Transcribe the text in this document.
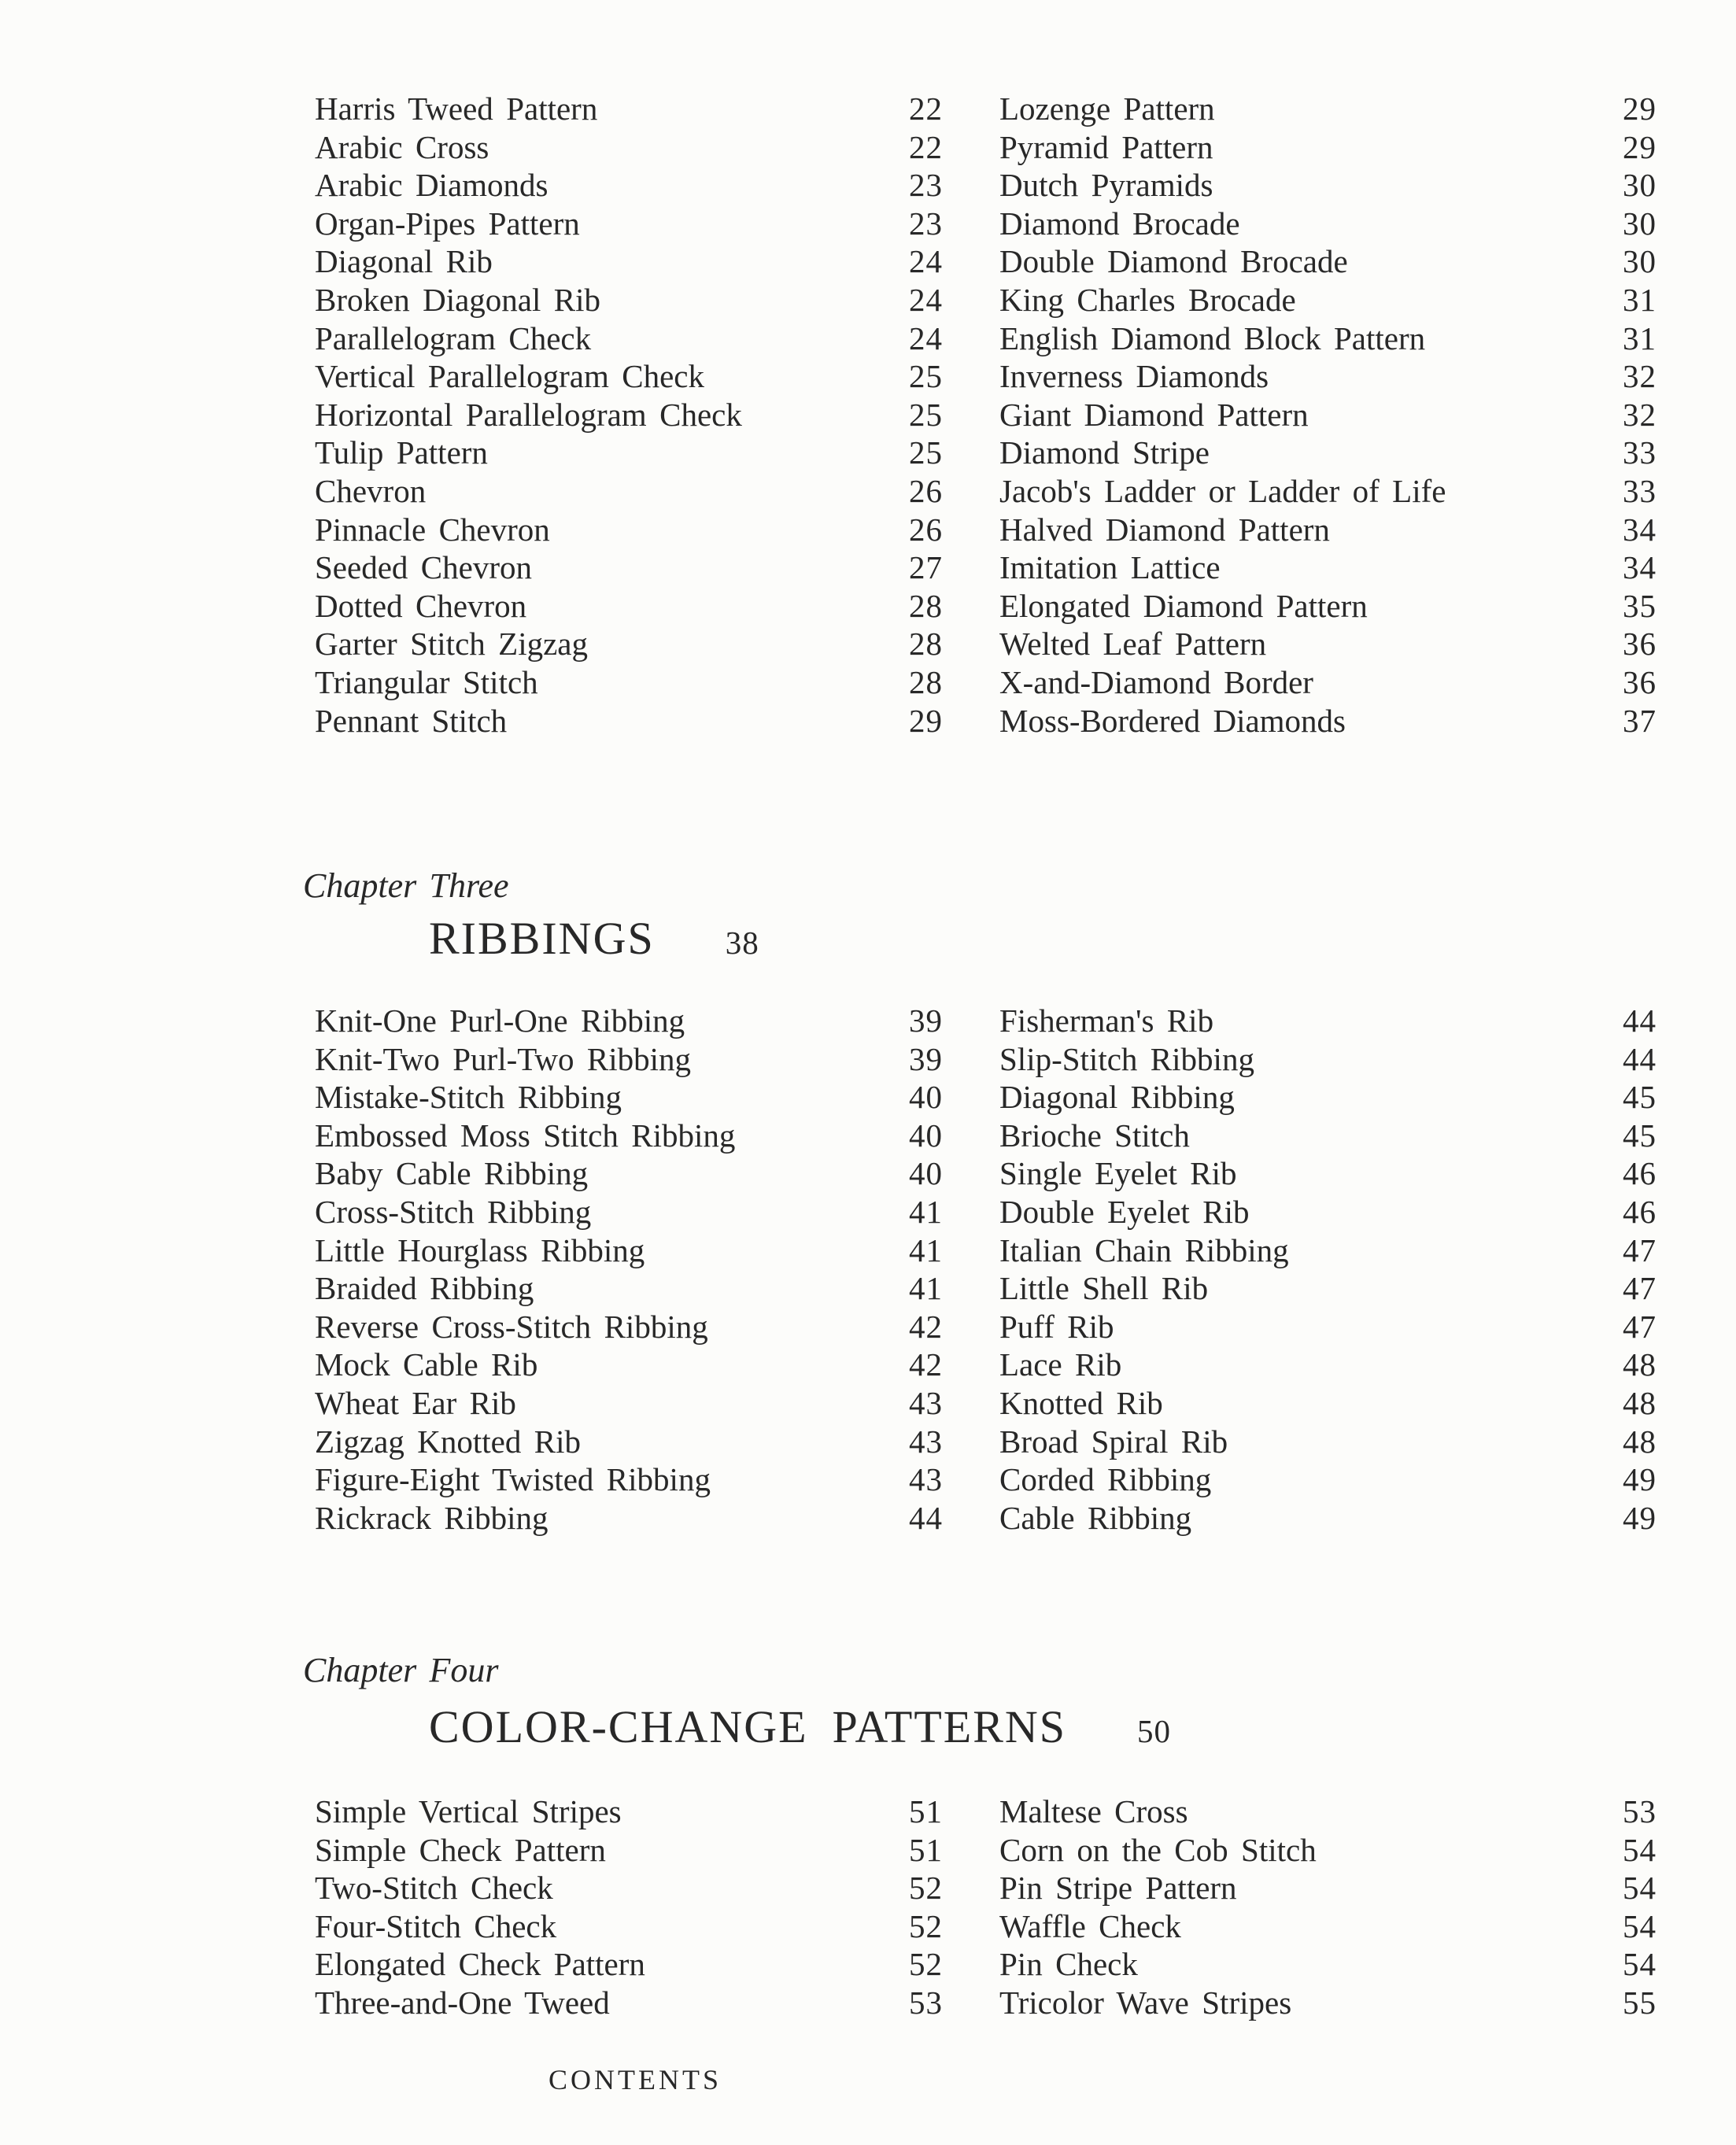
Harris Tweed Pattern	22
Arabic Cross	22
Arabic Diamonds	23
Organ-Pipes Pattern	23
Diagonal Rib	24
Broken Diagonal Rib	24
Parallelogram Check	24
Vertical Parallelogram Check	25
Horizontal Parallelogram Check	25
Tulip Pattern	25
Chevron	26
Pinnacle Chevron	26
Seeded Chevron	27
Dotted Chevron	28
Garter Stitch Zigzag	28
Triangular Stitch	28
Pennant Stitch	29
Lozenge Pattern	29
Pyramid Pattern	29
Dutch Pyramids	30
Diamond Brocade	30
Double Diamond Brocade	30
King Charles Brocade	31
English Diamond Block Pattern	31
Inverness Diamonds	32
Giant Diamond Pattern	32
Diamond Stripe	33
Jacob's Ladder or Ladder of Life	33
Halved Diamond Pattern	34
Imitation Lattice	34
Elongated Diamond Pattern	35
Welted Leaf Pattern	36
X-and-Diamond Border	36
Moss-Bordered Diamonds	37
Chapter Three
RIBBINGS 38
Knit-One Purl-One Ribbing	39
Knit-Two Purl-Two Ribbing	39
Mistake-Stitch Ribbing	40
Embossed Moss Stitch Ribbing	40
Baby Cable Ribbing	40
Cross-Stitch Ribbing	41
Little Hourglass Ribbing	41
Braided Ribbing	41
Reverse Cross-Stitch Ribbing	42
Mock Cable Rib	42
Wheat Ear Rib	43
Zigzag Knotted Rib	43
Figure-Eight Twisted Ribbing	43
Rickrack Ribbing	44
Fisherman's Rib	44
Slip-Stitch Ribbing	44
Diagonal Ribbing	45
Brioche Stitch	45
Single Eyelet Rib	46
Double Eyelet Rib	46
Italian Chain Ribbing	47
Little Shell Rib	47
Puff Rib	47
Lace Rib	48
Knotted Rib	48
Broad Spiral Rib	48
Corded Ribbing	49
Cable Ribbing	49
Chapter Four
COLOR-CHANGE PATTERNS 50
Simple Vertical Stripes	51
Simple Check Pattern	51
Two-Stitch Check	52
Four-Stitch Check	52
Elongated Check Pattern	52
Three-and-One Tweed	53
Maltese Cross	53
Corn on the Cob Stitch	54
Pin Stripe Pattern	54
Waffle Check	54
Pin Check	54
Tricolor Wave Stripes	55
CONTENTS
